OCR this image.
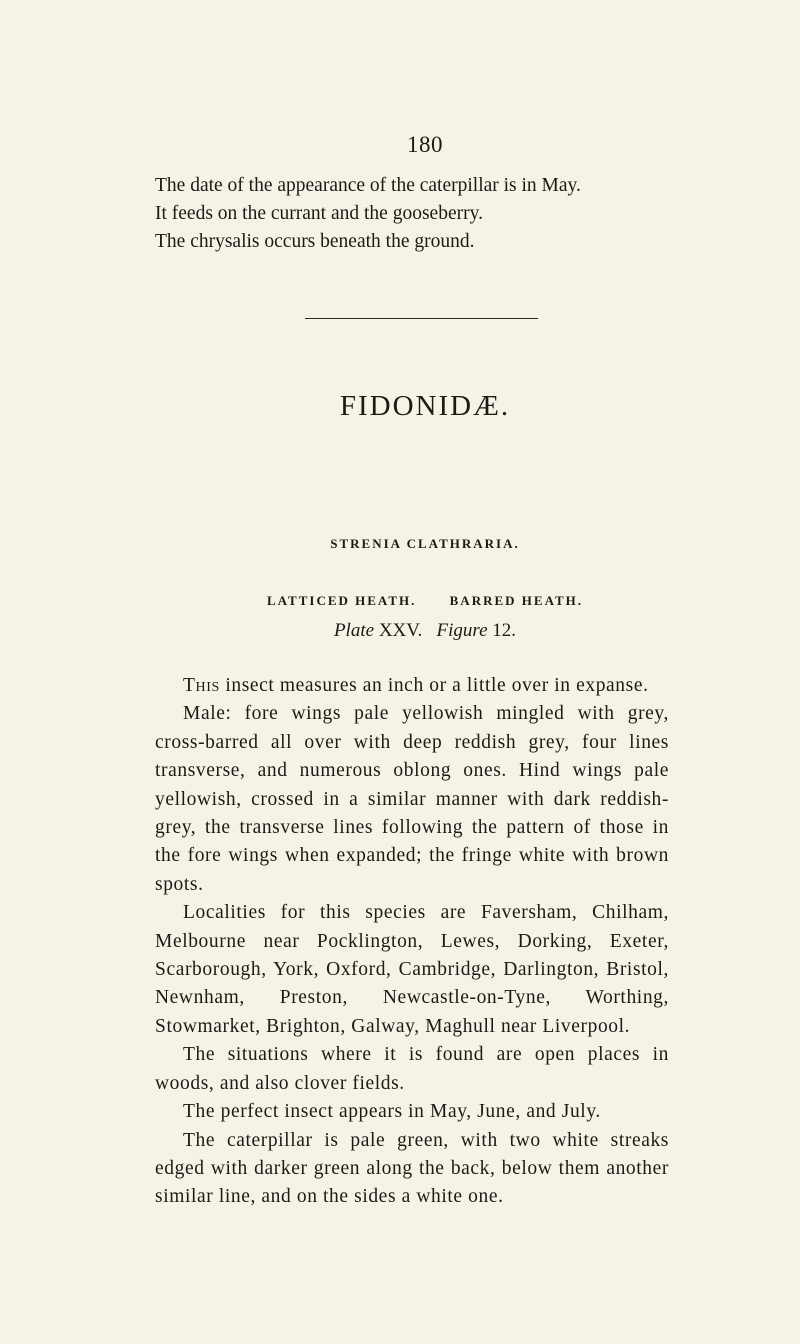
180

The date of the appearance of the caterpillar is in May.

It feeds on the currant and the gooseberry.

The chrysalis occurs beneath the ground.

FIDONIDÆ.
STRENIA CLATHRARIA.
LATTICED HEATH.	BARRED HEATH.
Plate XXV. Figure 12.

This insect measures an inch or a little over in expanse.

Male: fore wings pale yellowish mingled with grey, cross-barred all over with deep reddish grey, four lines transverse, and numerous oblong ones. Hind wings pale yellowish, crossed in a similar manner with dark reddish-grey, the transverse lines following the pattern of those in the fore wings when expanded; the fringe white with brown spots.

Localities for this species are Faversham, Chilham, Melbourne near Pocklington, Lewes, Dorking, Exeter, Scarborough, York, Oxford, Cambridge, Darlington, Bristol, Newnham, Preston, Newcastle-on-Tyne, Worthing, Stowmarket, Brighton, Galway, Maghull near Liverpool.

The situations where it is found are open places in woods, and also clover fields.

The perfect insect appears in May, June, and July.

The caterpillar is pale green, with two white streaks edged with darker green along the back, below them another similar line, and on the sides a white one.
